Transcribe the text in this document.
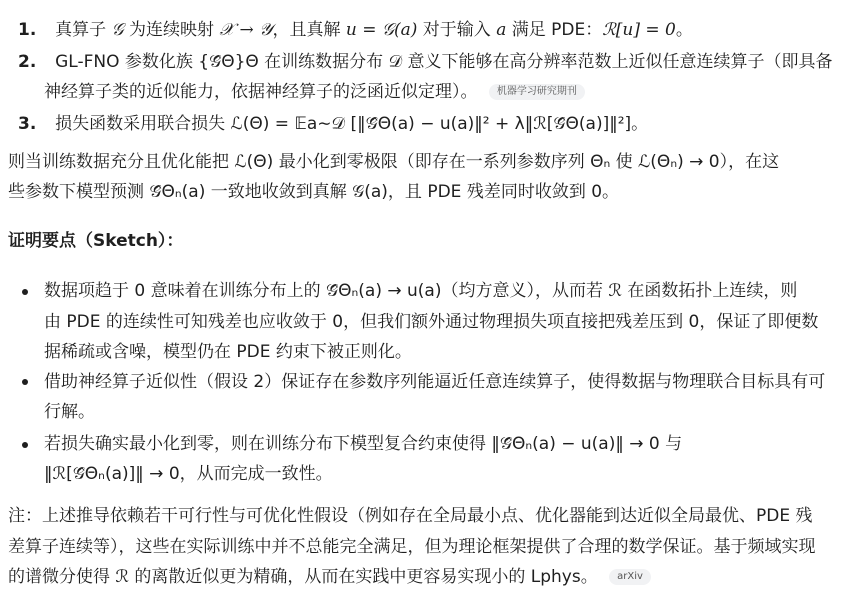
1. 真算子 𝒢 为连续映射 𝒳 → 𝒴，且真解 u = 𝒢(a) 对于输入 a 满足 PDE：ℛ[u] = 0。
2. GL-FNO 参数化族 {𝒢̂Θ}Θ 在训练数据分布 𝒟 意义下能够在高分辨率范数上近似任意连续算子（即具备
神经算子类的近似能力，依据神经算子的泛函近似定理）。 机器学习研究期刊
3. 损失函数采用联合损失 ℒ(Θ) = 𝔼a∼𝒟 [‖𝒢̂Θ(a) − u(a)‖² + λ‖ℛ[𝒢̂Θ(a)]‖²]。
则当训练数据充分且优化能把 ℒ(Θ) 最小化到零极限（即存在一系列参数序列 Θₙ 使 ℒ(Θₙ) → 0），在这
些参数下模型预测 𝒢̂Θₙ(a) 一致地收敛到真解 𝒢(a)，且 PDE 残差同时收敛到 0。
证明要点（Sketch）：
数据项趋于 0 意味着在训练分布上的 𝒢̂Θₙ(a) → u(a)（均方意义），从而若 ℛ 在函数拓扑上连续，则
由 PDE 的连续性可知残差也应收敛于 0，但我们额外通过物理损失项直接把残差压到 0，保证了即便数
据稀疏或含噪，模型仍在 PDE 约束下被正则化。
借助神经算子近似性（假设 2）保证存在参数序列能逼近任意连续算子，使得数据与物理联合目标具有可
行解。
若损失确实最小化到零，则在训练分布下模型复合约束使得 ‖𝒢̂Θₙ(a) − u(a)‖ → 0 与
‖ℛ[𝒢̂Θₙ(a)]‖ → 0，从而完成一致性。
注：上述推导依赖若干可行性与可优化性假设（例如存在全局最小点、优化器能到达近似全局最优、PDE 残
差算子连续等），这些在实际训练中并不总能完全满足，但为理论框架提供了合理的数学保证。基于频域实现
的谱微分使得 ℛ 的离散近似更为精确，从而在实践中更容易实现小的 Lphys。 arXiv
